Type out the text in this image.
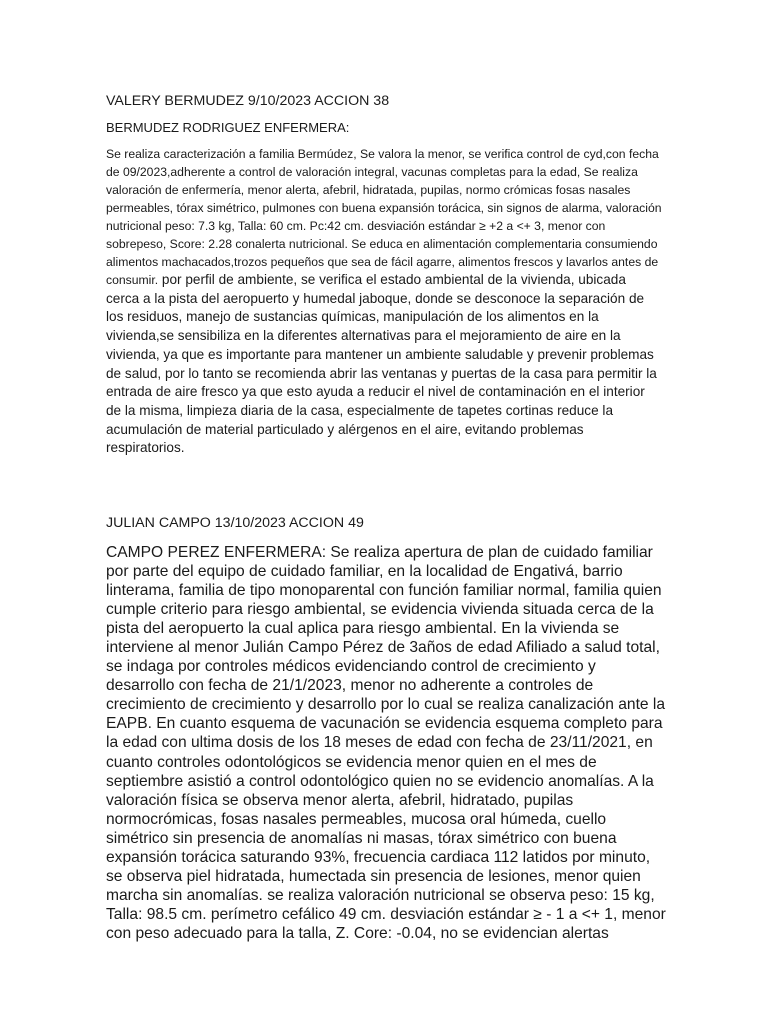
VALERY BERMUDEZ 9/10/2023 ACCION 38
BERMUDEZ RODRIGUEZ ENFERMERA:

Se realiza caracterización a familia Bermúdez, Se valora la menor, se verifica control de cyd,con fecha de 09/2023,adherente a control de valoración integral, vacunas completas para la edad, Se realiza valoración de enfermería, menor alerta, afebril, hidratada, pupilas, normo crómicas fosas nasales permeables, tórax simétrico, pulmones con buena expansión torácica, sin signos de alarma, valoración nutricional peso: 7.3 kg, Talla: 60 cm. Pc:42 cm. desviación estándar ≥ +2 a <+ 3, menor con sobrepeso, Score: 2.28 conalerta nutricional. Se educa en alimentación complementaria consumiendo alimentos machacados,trozos pequeños que sea de fácil agarre, alimentos frescos y lavarlos antes de consumir. por perfil de ambiente, se verifica el estado ambiental de la vivienda, ubicada cerca a la pista del aeropuerto y humedal jaboque, donde se desconoce la separación de los residuos, manejo de sustancias químicas, manipulación de los alimentos en la vivienda,se sensibiliza en la diferentes alternativas para el mejoramiento de aire en la vivienda, ya que es importante para mantener un ambiente saludable y prevenir problemas de salud, por lo tanto se recomienda abrir las ventanas y puertas de la casa para permitir la entrada de aire fresco ya que esto ayuda a reducir el nivel de contaminación en el interior de la misma, limpieza diaria de la casa, especialmente de tapetes cortinas reduce la acumulación de material particulado y alérgenos en el aire, evitando problemas respiratorios.

JULIAN CAMPO 13/10/2023 ACCION 49

CAMPO PEREZ ENFERMERA: Se realiza apertura de plan de cuidado familiar por parte del equipo de cuidado familiar, en la localidad de Engativá, barrio linterama, familia de tipo monoparental con función familiar normal, familia quien cumple criterio para riesgo ambiental, se evidencia vivienda situada cerca de la pista del aeropuerto la cual aplica para riesgo ambiental. En la vivienda se interviene al menor Julián Campo Pérez de 3años de edad Afiliado a salud total, se indaga por controles médicos evidenciando control de crecimiento y desarrollo con fecha de 21/1/2023, menor no adherente a controles de crecimiento de crecimiento y desarrollo por lo cual se realiza canalización ante la EAPB. En cuanto esquema de vacunación se evidencia esquema completo para la edad con ultima dosis de los 18 meses de edad con fecha de 23/11/2021, en cuanto controles odontológicos se evidencia menor quien en el mes de septiembre asistió a control odontológico quien no se evidencio anomalías. A la valoración física se observa menor alerta, afebril, hidratado, pupilas normocrómicas, fosas nasales permeables, mucosa oral húmeda, cuello simétrico sin presencia de anomalías ni masas, tórax simétrico con buena expansión torácica saturando 93%, frecuencia cardiaca 112 latidos por minuto, se observa piel hidratada, humectada sin presencia de lesiones, menor quien marcha sin anomalías. se realiza valoración nutricional se observa peso: 15 kg, Talla: 98.5 cm. perímetro cefálico 49 cm. desviación estándar ≥ - 1 a <+ 1, menor con peso adecuado para la talla, Z. Core: -0.04, no se evidencian alertas
